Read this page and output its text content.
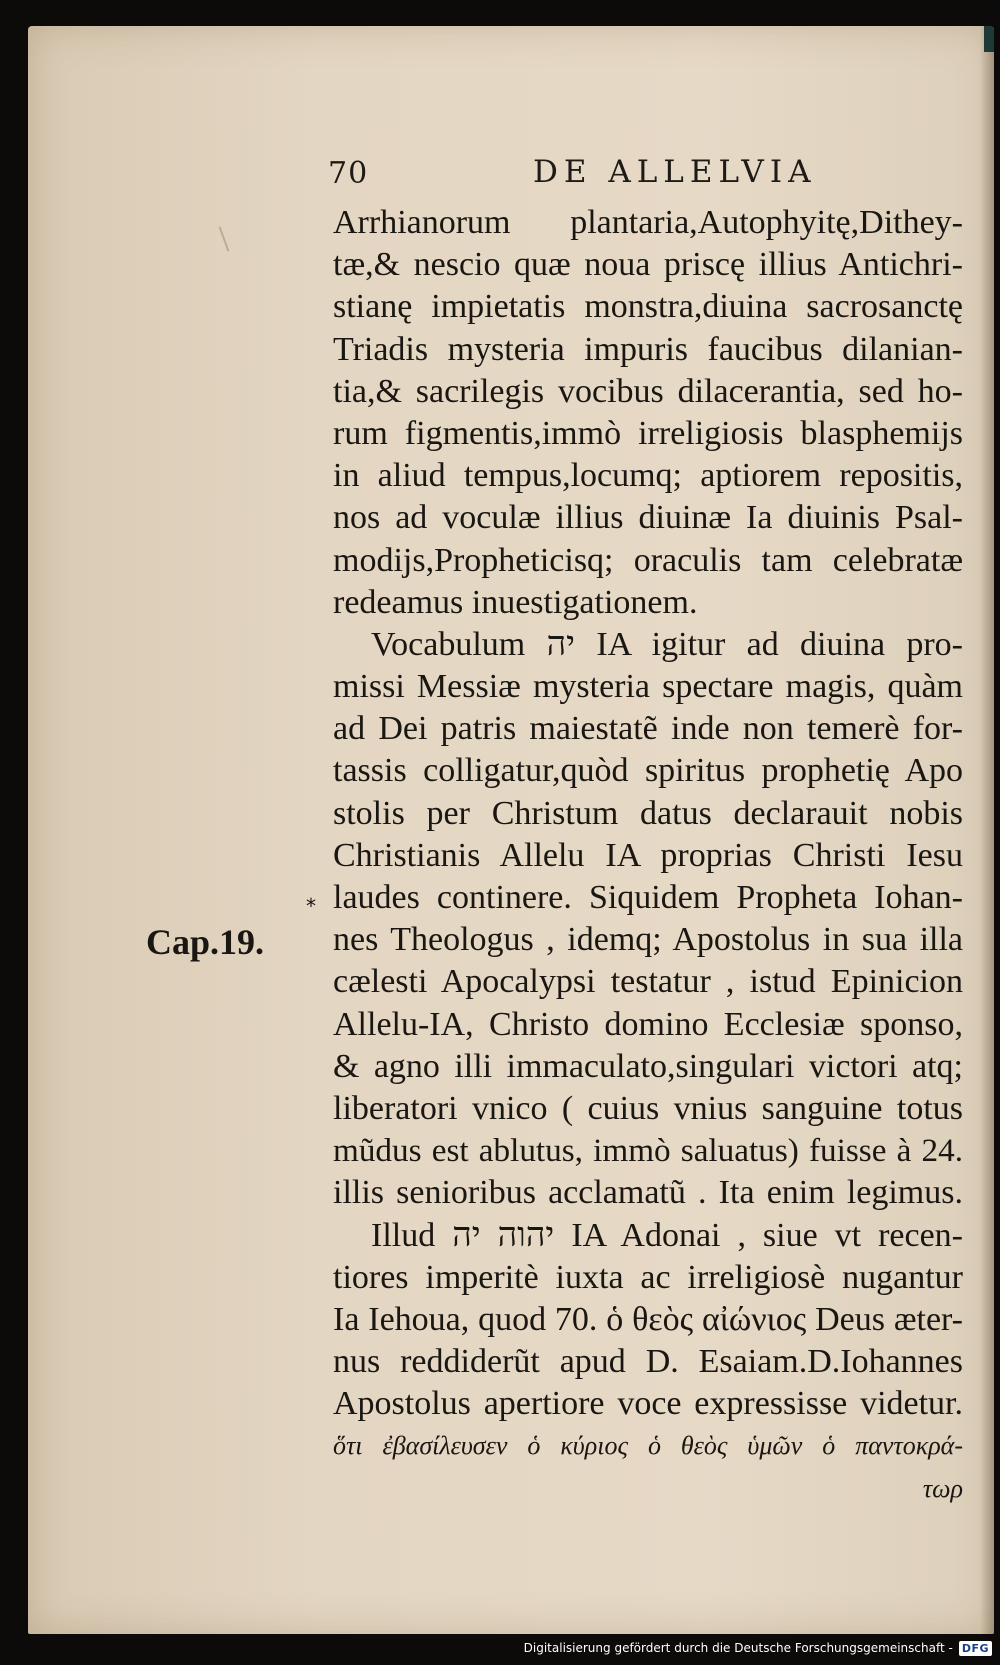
70	DE ALLELVIA
*
Cap.19.
Arrhianorum plantaria,Autophyitę,Dithey-
tæ,& nescio quæ noua priscę illius Antichri-
stianę impietatis monstra,diuina sacrosanctę
Triadis mysteria impuris faucibus dilanian-
tia,& sacrilegis vocibus dilacerantia, sed ho-
rum figmentis,immò irreligiosis blasphemijs
in aliud tempus,locumq; aptiorem repositis,
nos ad voculæ illius diuinæ Ia diuinis Psal-
modijs,Propheticisq; oraculis tam celebratæ
redeamus inuestigationem.
Vocabulum יה IA igitur ad diuina pro-
missi Messiæ mysteria spectare magis, quàm
ad Dei patris maiestatẽ inde non temerè for-
tassis colligatur,quòd spiritus prophetię Apo
stolis per Christum datus declarauit nobis
Christianis Allelu IA proprias Christi Iesu
laudes continere. Siquidem Propheta Iohan-
nes Theologus , idemq; Apostolus in sua illa
cælesti Apocalypsi testatur , istud Epinicion
Allelu-IA, Christo domino Ecclesiæ sponso,
& agno illi immaculato,singulari victori atq;
liberatori vnico ( cuius vnius sanguine totus
mũdus est ablutus, immò saluatus) fuisse à 24.
illis senioribus acclamatũ . Ita enim legimus.
Illud יהוה יה IA Adonai , siue vt recen-
tiores imperitè iuxta ac irreligiosè nugantur
Ia Iehoua, quod 70. ὁ θεὸς αἰώνιος Deus æter-
nus reddiderũt apud D. Esaiam.D.Iohannes
Apostolus apertiore voce expressisse videtur.
ὅτι ἐβασίλευσεν ὁ κύριος ὁ θεὸς ὑμῶν ὁ παντοκρά-
τωρ
Digitalisierung gefördert durch die Deutsche Forschungsgemeinschaft - DFG
